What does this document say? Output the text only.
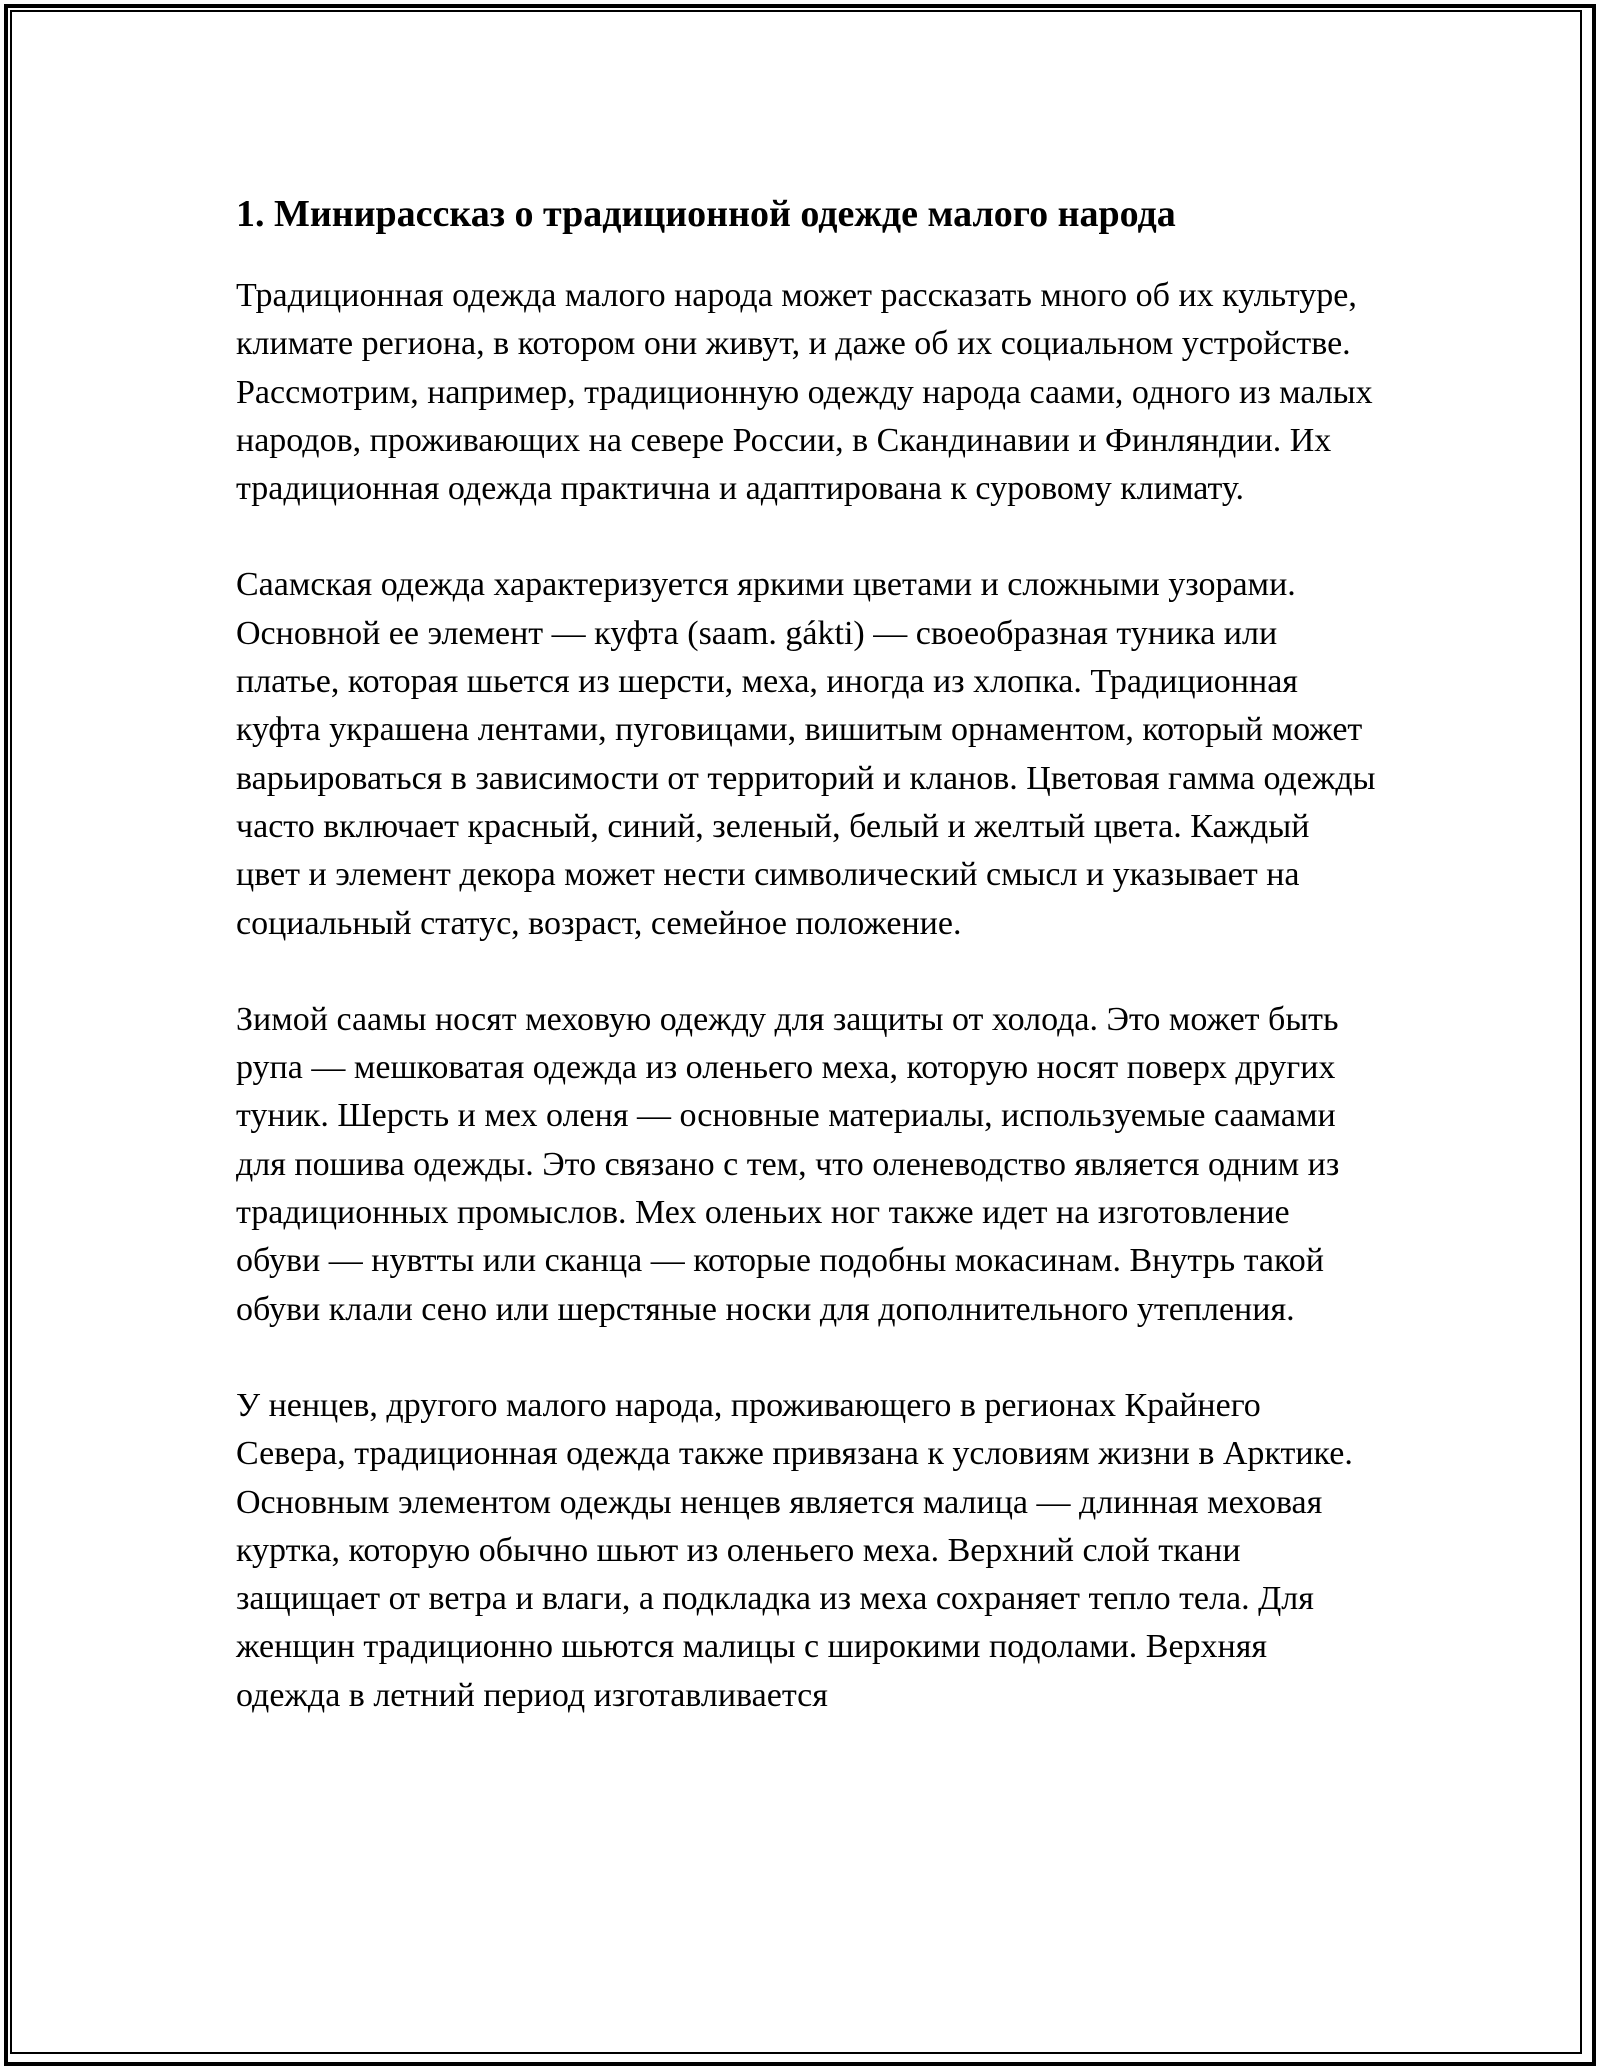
1. Минирассказ о традиционной одежде малого народа

Традиционная одежда малого народа может рассказать много об их культуре, климате региона, в котором они живут, и даже об их социальном устройстве. Рассмотрим, например, традиционную одежду народа саами, одного из малых народов, проживающих на севере России, в Скандинавии и Финляндии. Их традиционная одежда практична и адаптирована к суровому климату.

Саамская одежда характеризуется яркими цветами и сложными узорами. Основной ее элемент — куфта (saam. gákti) — своеобразная туника или платье, которая шьется из шерсти, меха, иногда из хлопка. Традиционная куфта украшена лентами, пуговицами, вишитым орнаментом, который может варьироваться в зависимости от территорий и кланов. Цветовая гамма одежды часто включает красный, синий, зеленый, белый и желтый цвета. Каждый цвет и элемент декора может нести символический смысл и указывает на социальный статус, возраст, семейное положение.

Зимой саамы носят меховую одежду для защиты от холода. Это может быть рупа — мешковатая одежда из оленьего меха, которую носят поверх других туник. Шерсть и мех оленя — основные материалы, используемые саамами для пошива одежды. Это связано с тем, что оленеводство является одним из традиционных промыслов. Мех оленьих ног также идет на изготовление обуви — нувтты или сканца — которые подобны мокасинам. Внутрь такой обуви клали сено или шерстяные носки для дополнительного утепления.

У ненцев, другого малого народа, проживающего в регионах Крайнего Севера, традиционная одежда также привязана к условиям жизни в Арктике. Основным элементом одежды ненцев является малица — длинная меховая куртка, которую обычно шьют из оленьего меха. Верхний слой ткани защищает от ветра и влаги, а подкладка из меха сохраняет тепло тела. Для женщин традиционно шьются малицы с широкими подолами. Верхняя одежда в летний период изготавливается
